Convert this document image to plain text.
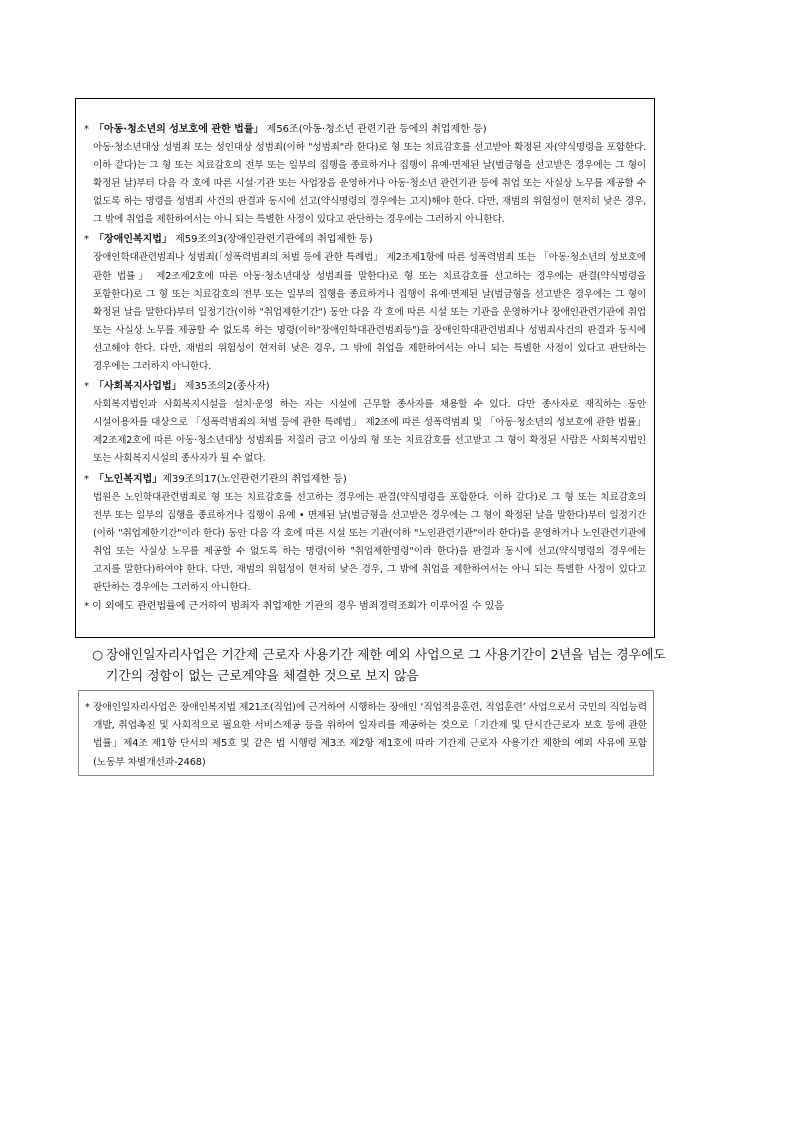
* 「아동·청소년의 성보호에 관한 법률」 제56조(아동·청소년 관련기관 등에의 취업제한 등)
아동·청소년대상 성범죄 또는 성인대상 성범죄(이하 "성범죄"라 한다)로 형 또는 치료감호를 선고받아 확정된 자(약식명령을 포함한다. 이하 같다)는 그 형 또는 치료감호의 전부 또는 일부의 집행을 종료하거나 집행이 유예·면제된 날(벌금형을 선고받은 경우에는 그 형이 확정된 날)부터 다음 각 호에 따른 시설·기관 또는 사업장을 운영하거나 아동·청소년 관련기관 등에 취업 또는 사실상 노무를 제공할 수 없도록 하는 명령을 성범죄 사건의 판결과 동시에 선고(약식명령의 경우에는 고지)해야 한다. 다만, 재범의 위험성이 현저히 낮은 경우, 그 밖에 취업을 제한하여서는 아니 되는 특별한 사정이 있다고 판단하는 경우에는 그러하지 아니한다.
* 「장애인복지법」 제59조의3(장애인관련기관에의 취업제한 등)
장애인학대관련범죄나 성범죄(「성폭력범죄의 처벌 등에 관한 특례법」 제2조제1항에 따른 성폭력범죄 또는 「아동·청소년의 성보호에 관한 법률」 제2조제2호에 따른 아동·청소년대상 성범죄를 말한다)로 형 또는 치료감호를 선고하는 경우에는 판결(약식명령을 포함한다)로 그 형 또는 치료감호의 전부 또는 일부의 집행을 종료하거나 집행이 유예·면제된 날(벌금형을 선고받은 경우에는 그 형이 확정된 날을 말한다)부터 일정기간(이하 "취업제한기간") 동안 다음 각 호에 따른 시설 또는 기관을 운영하거나 장애인관련기관에 취업 또는 사실상 노무를 제공할 수 없도록 하는 명령(이하"장애인학대관련범죄등")을 장애인학대관련범죄나 성범죄사건의 판결과 동시에 선고해야 한다. 다만, 재범의 위험성이 현저히 낮은 경우, 그 밖에 취업을 제한하여서는 아니 되는 특별한 사정이 있다고 판단하는 경우에는 그러하지 아니한다.
* 「사회복지사업법」 제35조의2(종사자)
사회복지법인과 사회복지시설을 설치·운영 하는 자는 시설에 근무할 종사자를 채용할 수 있다. 다만 종사자로 재직하는 동안 시설이용자를 대상으로 「성폭력범죄의 처벌 등에 관한 특례법」 제2조에 따른 성폭력범죄 및 「아동·청소년의 성보호에 관한 법률」 제2조제2호에 따른 아동·청소년대상 성범죄를 저질러 금고 이상의 형 또는 치료감호를 선고받고 그 형이 확정된 사람은 사회복지법인 또는 사회복지시설의 종사자가 될 수 없다.
* 「노인복지법」제39조의17(노인관련기관의 취업제한 등)
법원은 노인학대관련범죄로 형 또는 치료감호를 선고하는 경우에는 판결(약식명령을 포함한다. 이하 같다)로 그 형 또는 치료감호의 전부 또는 일부의 집행을 종료하거나 집행이 유예 • 면제된 날(벌금형을 선고받은 경우에는 그 형이 확정된 날을 말한다)부터 일정기간(이하 "취업제한기간"이라 한다) 동안 다음 각 호에 따른 시설 또는 기관(이하 "노인관련기관"이라 한다)을 운영하거나 노인관련기관에 취업 또는 사실상 노무를 제공할 수 없도록 하는 명령(이하 "취업제한명령"이라 한다)을 판결과 동시에 선고(약식명령의 경우에는 고지를 말한다)하여야 한다. 다만, 재범의 위험성이 현저히 낮은 경우, 그 밖에 취업을 제한하여서는 아니 되는 특별한 사정이 있다고 판단하는 경우에는 그러하지 아니한다.
* 이 외에도 관련법률에 근거하여 범죄자 취업제한 기관의 경우 범죄경력조회가 이루어질 수 있음
○ 장애인일자리사업은 기간제 근로자 사용기간 제한 예외 사업으로 그 사용기간이 2년을 넘는 경우에도
기간의 정함이 없는 근로계약을 체결한 것으로 보지 않음
* 장애인일자리사업은 장애인복지법 제21조(직업)에 근거하여 시행하는 장애인 ‘직업적응훈련, 직업훈련’ 사업으로서 국민의 직업능력 개발, 취업촉진 및 사회적으로 필요한 서비스제공 등을 위하여 일자리를 제공하는 것으로「기간제 및 단시간근로자 보호 등에 관한 법률」제4조 제1항 단서의 제5호 및 같은 법 시행령 제3조 제2항 제1호에 따라 기간제 근로자 사용기간 제한의 예외 사유에 포함 (노동부 차별개선과-2468)
